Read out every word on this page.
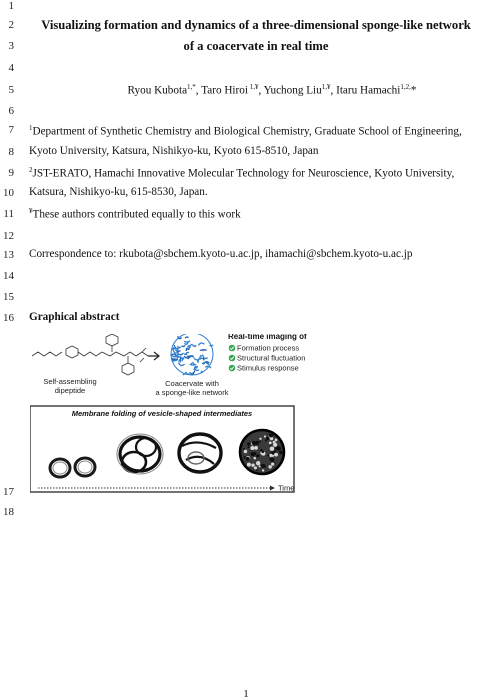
1
2
3
4
5
6
7
8
9
10
11
12
13
14
15
16
17
18
Visualizing formation and dynamics of a three-dimensional sponge-like network
of a coacervate in real time
Ryou Kubota$^{1,*}$, Taro Hiroi $^{1,¥}$, Yuchong Liu$^{1,¥}$, Itaru Hamachi$^{1,2,}$*
$^1$Department of Synthetic Chemistry and Biological Chemistry, Graduate School of Engineering,
Kyoto University, Katsura, Nishikyo-ku, Kyoto 615-8510, Japan
$^2$JST-ERATO, Hamachi Innovative Molecular Technology for Neuroscience, Kyoto University,
Katsura, Nishikyo-ku, 615-8530, Japan.
¥These authors contributed equally to this work
Correspondence to: rkubota@sbchem.kyoto-u.ac.jp, ihamachi@sbchem.kyoto-u.ac.jp
Graphical abstract
Self-assembling
dipeptide
Coacervate with
a sponge-like network
Real-time imaging of
Formation process
Structural fluctuation
Stimulus response
Membrane folding of vesicle-shaped intermediates
Time
1
